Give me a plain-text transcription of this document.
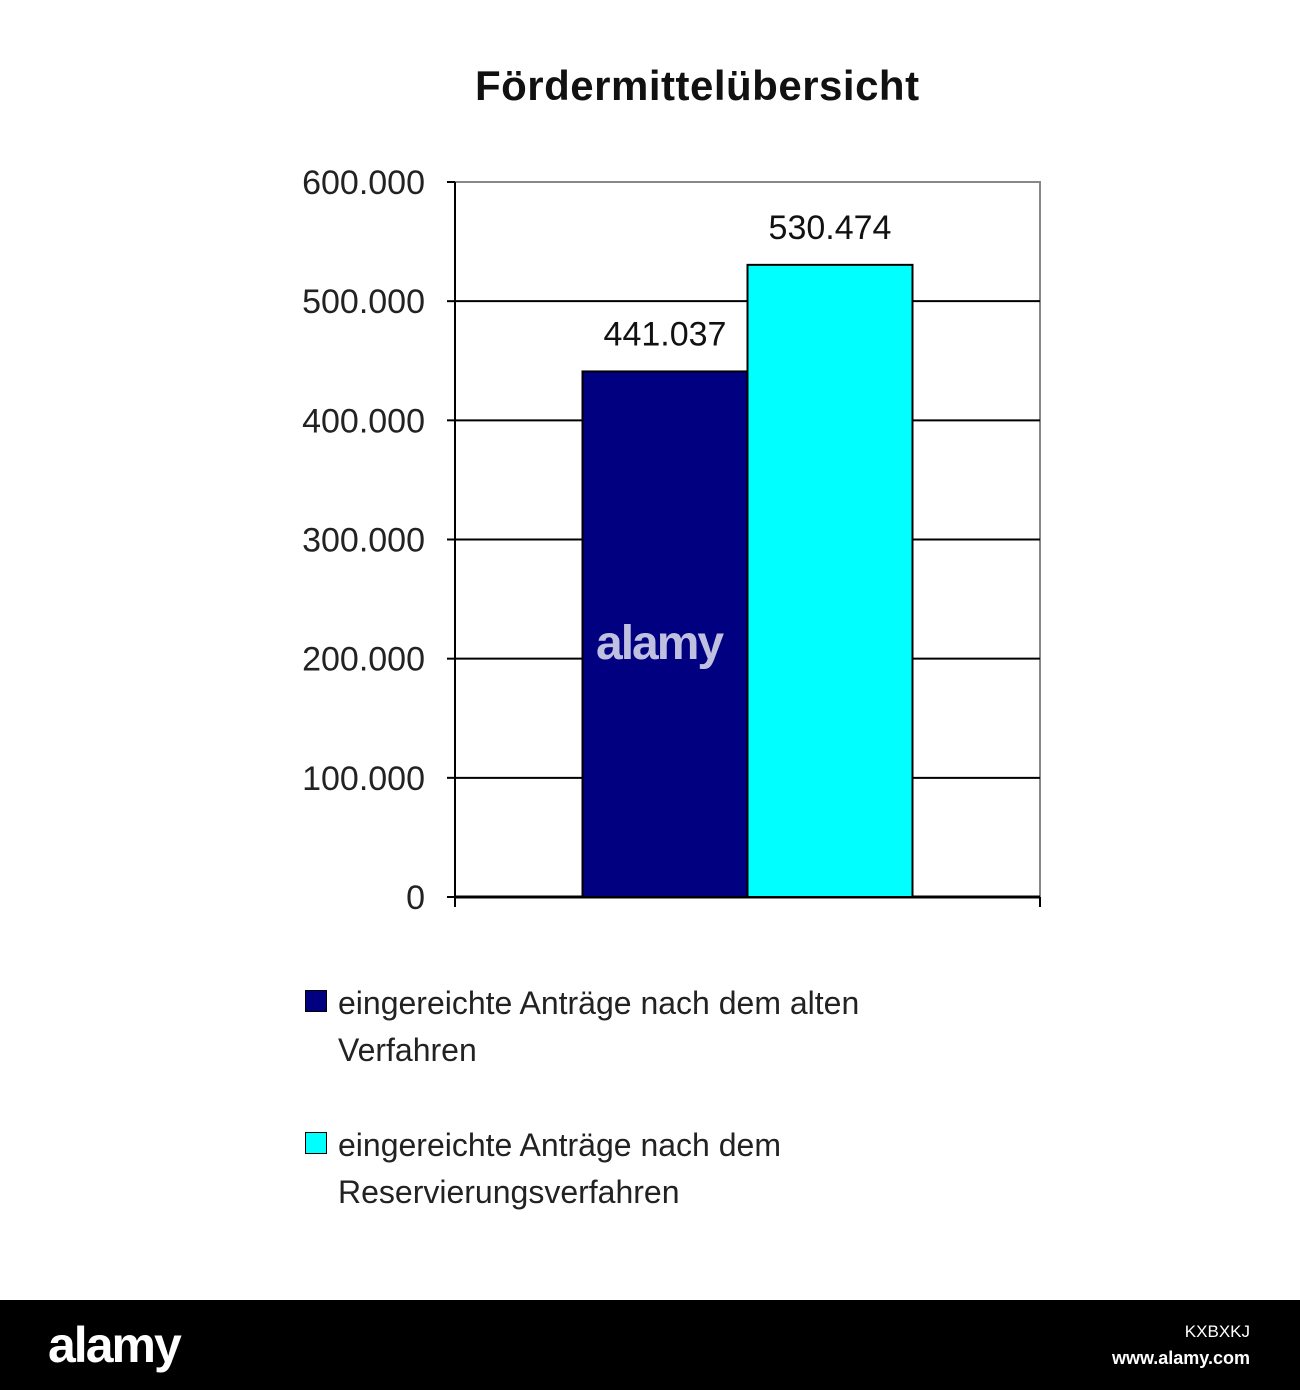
Fördermittelübersicht
0
100.000
200.000
300.000
400.000
500.000
600.000
441.037
530.474
alamy
eingereichte Anträge nach dem alten
Verfahren
eingereichte Anträge nach dem
Reservierungsverfahren
alamy	KXBXKJ
www.alamy.com
